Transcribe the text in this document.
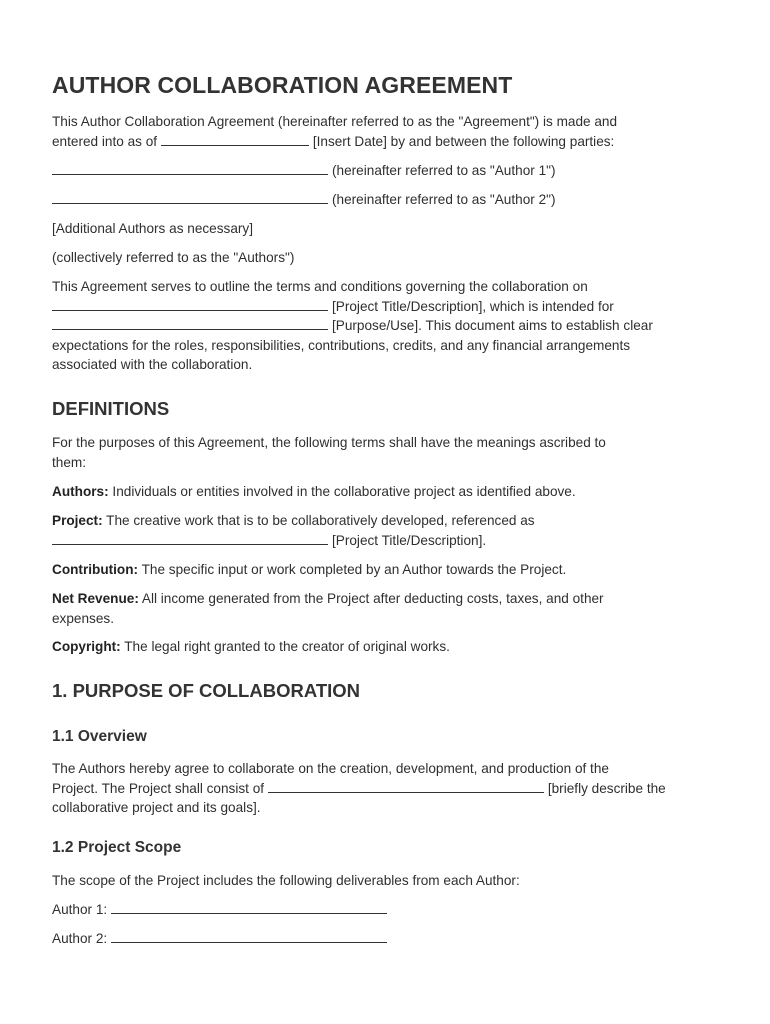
AUTHOR COLLABORATION AGREEMENT
This Author Collaboration Agreement (hereinafter referred to as the "Agreement") is made and
entered into as of	[Insert Date] by and between the following parties:
(hereinafter referred to as "Author 1")
(hereinafter referred to as "Author 2")
[Additional Authors as necessary]
(collectively referred to as the "Authors")
This Agreement serves to outline the terms and conditions governing the collaboration on
[Project Title/Description], which is intended for
[Purpose/Use]. This document aims to establish clear
expectations for the roles, responsibilities, contributions, credits, and any financial arrangements
associated with the collaboration.
DEFINITIONS
For the purposes of this Agreement, the following terms shall have the meanings ascribed to
them:
Authors: Individuals or entities involved in the collaborative project as identified above.
Project: The creative work that is to be collaboratively developed, referenced as
[Project Title/Description].
Contribution: The specific input or work completed by an Author towards the Project.
Net Revenue: All income generated from the Project after deducting costs, taxes, and other
expenses.
Copyright: The legal right granted to the creator of original works.
1. PURPOSE OF COLLABORATION
1.1 Overview
The Authors hereby agree to collaborate on the creation, development, and production of the
Project. The Project shall consist of	[briefly describe the
collaborative project and its goals].
1.2 Project Scope
The scope of the Project includes the following deliverables from each Author:
Author 1:
Author 2:
